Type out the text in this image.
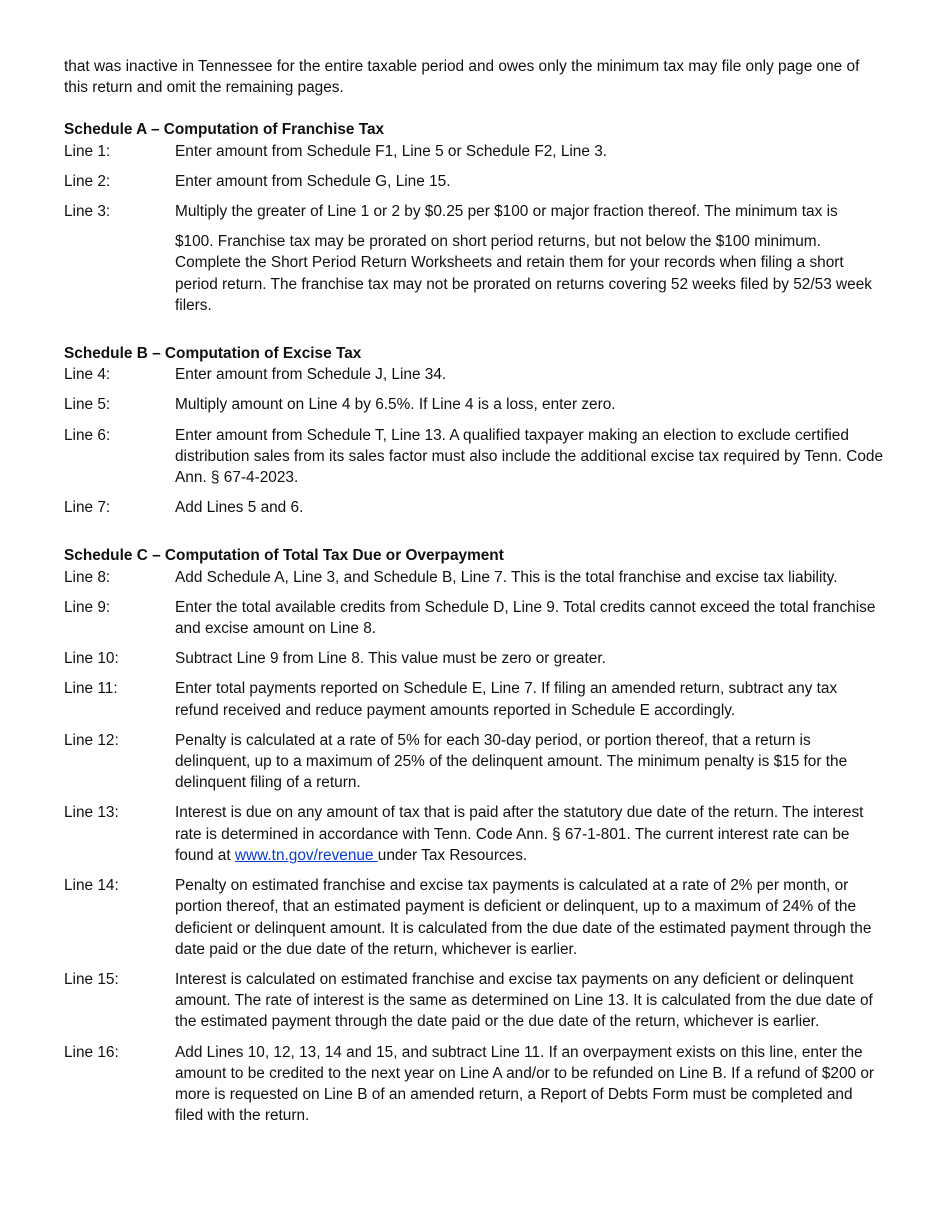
that was inactive in Tennessee for the entire taxable period and owes only the minimum tax may file only page one of this return and omit the remaining pages.

Schedule A – Computation of Franchise Tax
Line 1:	Enter amount from Schedule F1, Line 5 or Schedule F2, Line 3.

Line 2:	Enter amount from Schedule G, Line 15.

Line 3:	Multiply the greater of Line 1 or 2 by $0.25 per $100 or major fraction thereof. The minimum tax is

$100. Franchise tax may be prorated on short period returns, but not below the $100 minimum. Complete the Short Period Return Worksheets and retain them for your records when filing a short period return. The franchise tax may not be prorated on returns covering 52 weeks filed by 52/53 week filers.

Schedule B – Computation of Excise Tax
Line 4:	Enter amount from Schedule J, Line 34.

Line 5:	Multiply amount on Line 4 by 6.5%. If Line 4 is a loss, enter zero.

Line 6:	Enter amount from Schedule T, Line 13. A qualified taxpayer making an election to exclude certified distribution sales from its sales factor must also include the additional excise tax required by Tenn. Code Ann. § 67-4-2023.

Line 7:	Add Lines 5 and 6.

Schedule C – Computation of Total Tax Due or Overpayment
Line 8:	Add Schedule A, Line 3, and Schedule B, Line 7. This is the total franchise and excise tax liability.

Line 9:	Enter the total available credits from Schedule D, Line 9. Total credits cannot exceed the total franchise and excise amount on Line 8.

Line 10:	Subtract Line 9 from Line 8. This value must be zero or greater.

Line 11:	Enter total payments reported on Schedule E, Line 7. If filing an amended return, subtract any tax refund received and reduce payment amounts reported in Schedule E accordingly.

Line 12:	Penalty is calculated at a rate of 5% for each 30-day period, or portion thereof, that a return is delinquent, up to a maximum of 25% of the delinquent amount. The minimum penalty is $15 for the delinquent filing of a return.

Line 13:	Interest is due on any amount of tax that is paid after the statutory due date of the return. The interest rate is determined in accordance with Tenn. Code Ann. § 67-1-801. The current interest rate can be found at www.tn.gov/revenue under Tax Resources.

Line 14:	Penalty on estimated franchise and excise tax payments is calculated at a rate of 2% per month, or portion thereof, that an estimated payment is deficient or delinquent, up to a maximum of 24% of the deficient or delinquent amount. It is calculated from the due date of the estimated payment through the date paid or the due date of the return, whichever is earlier.

Line 15:	Interest is calculated on estimated franchise and excise tax payments on any deficient or delinquent amount. The rate of interest is the same as determined on Line 13. It is calculated from the due date of the estimated payment through the date paid or the due date of the return, whichever is earlier.

Line 16:	Add Lines 10, 12, 13, 14 and 15, and subtract Line 11. If an overpayment exists on this line, enter the amount to be credited to the next year on Line A and/or to be refunded on Line B. If a refund of $200 or more is requested on Line B of an amended return, a Report of Debts Form must be completed and filed with the return.
